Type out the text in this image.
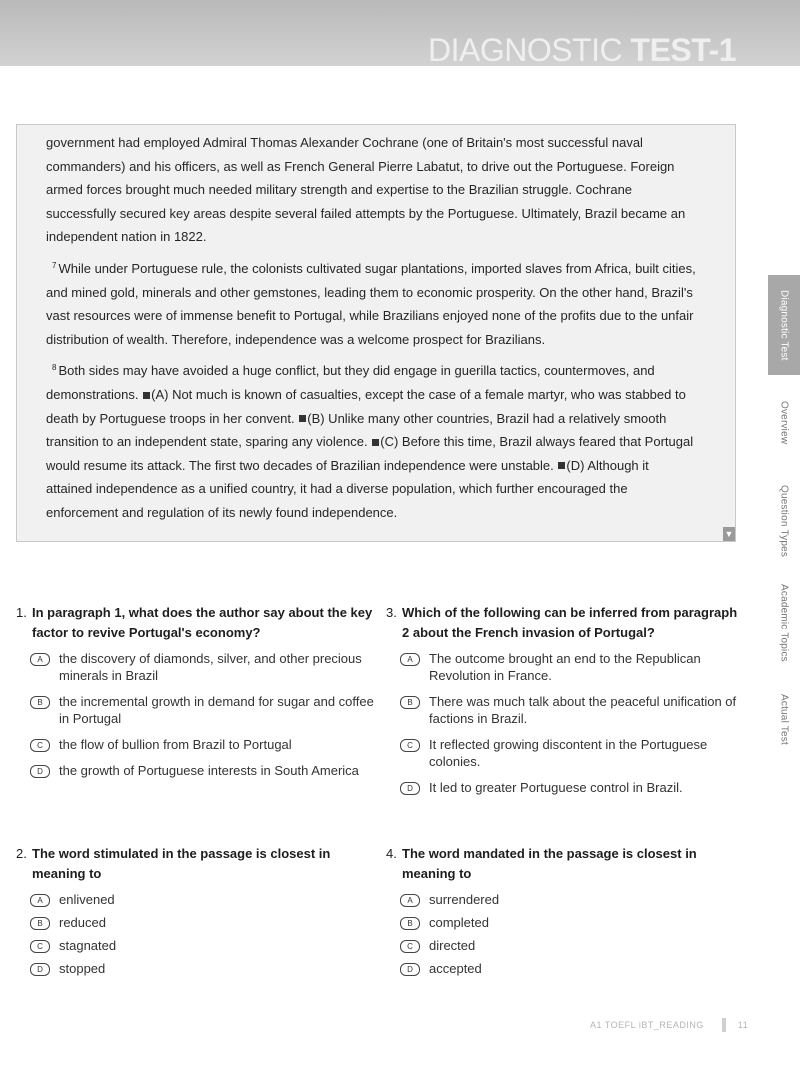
DIAGNOSTIC TEST-1
▼

government had employed Admiral Thomas Alexander Cochrane (one of Britain's most successful naval commanders) and his officers, as well as French General Pierre Labatut, to drive out the Portuguese. Foreign armed forces brought much needed military strength and expertise to the Brazilian struggle. Cochrane successfully secured key areas despite several failed attempts by the Portuguese. Ultimately, Brazil became an independent nation in 1822.

$^7$ While under Portuguese rule, the colonists cultivated sugar plantations, imported slaves from Africa, built cities, and mined gold, minerals and other gemstones, leading them to economic prosperity. On the other hand, Brazil's vast resources were of immense benefit to Portugal, while Brazilians enjoyed none of the profits due to the unfair distribution of wealth. Therefore, independence was a welcome prospect for Brazilians.

$^8$ Both sides may have avoided a huge conflict, but they did engage in guerilla tactics, countermoves, and demonstrations. (A) Not much is known of casualties, except the case of a female martyr, who was stabbed to death by Portuguese troops in her convent. (B) Unlike many other countries, Brazil had a relatively smooth transition to an independent state, sparing any violence. (C) Before this time, Brazil always feared that Portugal would resume its attack. The first two decades of Brazilian independence were unstable. (D) Although it attained independence as a unified country, it had a diverse population, which further encouraged the enforcement and regulation of its newly found independence.

Diagnostic Test
Overview
Question Types
Academic Topics
Actual Test
1. In paragraph 1, what does the author say about the key factor to revive Portugal's economy?
A	the discovery of diamonds, silver, and other precious minerals in Brazil
B	the incremental growth in demand for sugar and coffee in Portugal
C	the flow of bullion from Brazil to Portugal
D	the growth of Portuguese interests in South America
2. The word stimulated in the passage is closest in meaning to
A	enlivened
B	reduced
C	stagnated
D	stopped
3. Which of the following can be inferred from paragraph 2 about the French invasion of Portugal?
A	The outcome brought an end to the Republican Revolution in France.
B	There was much talk about the peaceful unification of factions in Brazil.
C	It reflected growing discontent in the Portuguese colonies.
D	It led to greater Portuguese control in Brazil.
4. The word mandated in the passage is closest in meaning to
A	surrendered
B	completed
C	directed
D	accepted
A1 TOEFL iBT_READING	11
